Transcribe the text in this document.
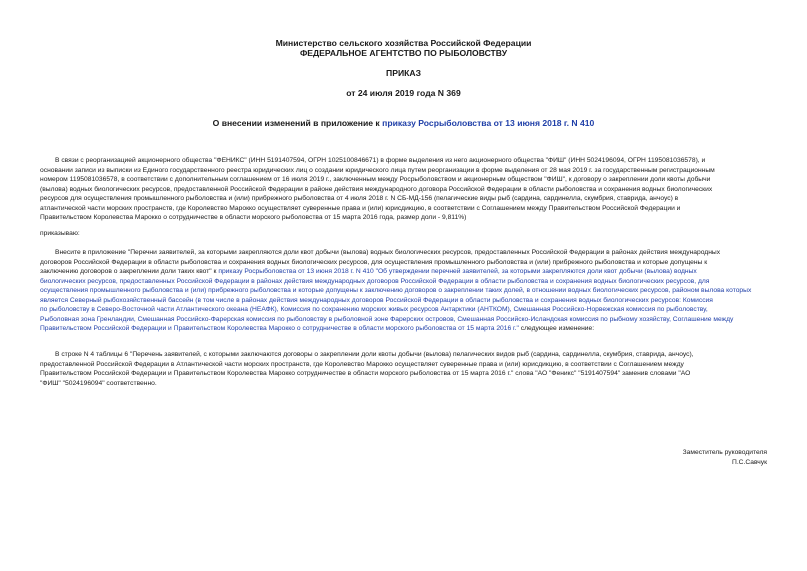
Министерство сельского хозяйства Российской Федерации
ФЕДЕРАЛЬНОЕ АГЕНТСТВО ПО РЫБОЛОВСТВУ
ПРИКАЗ
от 24 июля 2019 года N 369
О внесении изменений в приложение к приказу Росрыболовства от 13 июня 2018 г. N 410
В связи с реорганизацией акционерного общества "ФЕНИКС" (ИНН 5191407594, ОГРН 1025100846671) в форме выделения из него акционерного общества "ФИШ" (ИНН 5024196094, ОГРН 1195081036578), и
основании записи из выписки из Единого государственного реестра юридических лиц о создании юридического лица путем реорганизации в форме выделения от 28 мая 2019 г. за государственным регистрационным
номером 1195081036578, в соответствии с дополнительным соглашением от 16 июля 2019 г., заключенным между Росрыболовством и акционерным обществом "ФИШ", к договору о закреплении доли квоты добычи
(вылова) водных биологических ресурсов, предоставленной Российской Федерации в районе действия международного договора Российской Федерации в области рыболовства и сохранения водных биологических
ресурсов для осуществления промышленного рыболовства и (или) прибрежного рыболовства от 4 июля 2018 г. N СБ-МД-156 (пелагические виды рыб (сардина, сардинелла, скумбрия, ставрида, анчоус) в
атлантической части морских пространств, где Королевство Марокко осуществляет суверенные права и (или) юрисдикцию, в соответствии с Соглашением между Правительством Российской Федерации и
Правительством Королевства Марокко о сотрудничестве в области морского рыболовства от 15 марта 2016 года, размер доли - 9,811%)
приказываю:
Внесите в приложение "Перечни заявителей, за которыми закрепляются доли квот добычи (вылова) водных биологических ресурсов, предоставленных Российской Федерации в районах действия международных
договоров Российской Федерации в области рыболовства и сохранения водных биологических ресурсов, для осуществления промышленного рыболовства и (или) прибрежного рыболовства и которые допущены к
заключению договоров о закреплении доли таких квот" к приказу Росрыболовства от 13 июня 2018 г. N 410 "Об утверждении перечней заявителей, за которыми закрепляются доли квот добычи (вылова) водных
биологических ресурсов, предоставленных Российской Федерации в районах действия международных договоров Российской Федерации в области рыболовства и сохранения водных биологических ресурсов, для
осуществления промышленного рыболовства и (или) прибрежного рыболовства и которые допущены к заключению договоров о закреплении таких долей, в отношении водных биологических ресурсов, районом вылова которых
является Северный рыбохозяйственный бассейн (в том числе в районах действия международных договоров Российской Федерации в области рыболовства и сохранения водных биологических ресурсов: Комиссия
по рыболовству в Северо-Восточной части Атлантического океана (НЕАФК), Комиссия по сохранению морских живых ресурсов Антарктики (АНТКОМ), Смешанная Российско-Норвежская комиссия по рыболовству,
Рыболовная зона Гренландии, Смешанная Российско-Фарерская комиссия по рыболовству в рыболовной зоне Фарерских островов, Смешанная Российско-Исландская комиссия по рыбному хозяйству, Соглашение между
Правительством Российской Федерации и Правительством Королевства Марокко о сотрудничестве в области морского рыболовства от 15 марта 2016 г." следующее изменение:
В строке N 4 таблицы 6 "Перечень заявителей, с которыми заключаются договоры о закреплении доли квоты добычи (вылова) пелагических видов рыб (сардина, сардинелла, скумбрия, ставрида, анчоус),
предоставленной Российской Федерации в Атлантической части морских пространств, где Королевство Марокко осуществляет суверенные права и (или) юрисдикцию, в соответствии с Соглашением между
Правительством Российской Федерации и Правительством Королевства Марокко сотрудничестве в области морского рыболовства от 15 марта 2016 г." слова "АО "Феникс" "5191407594" заменив словами "АО
"ФИШ" "5024196094" соответственно.
Заместитель руководителя
П.С.Савчук
